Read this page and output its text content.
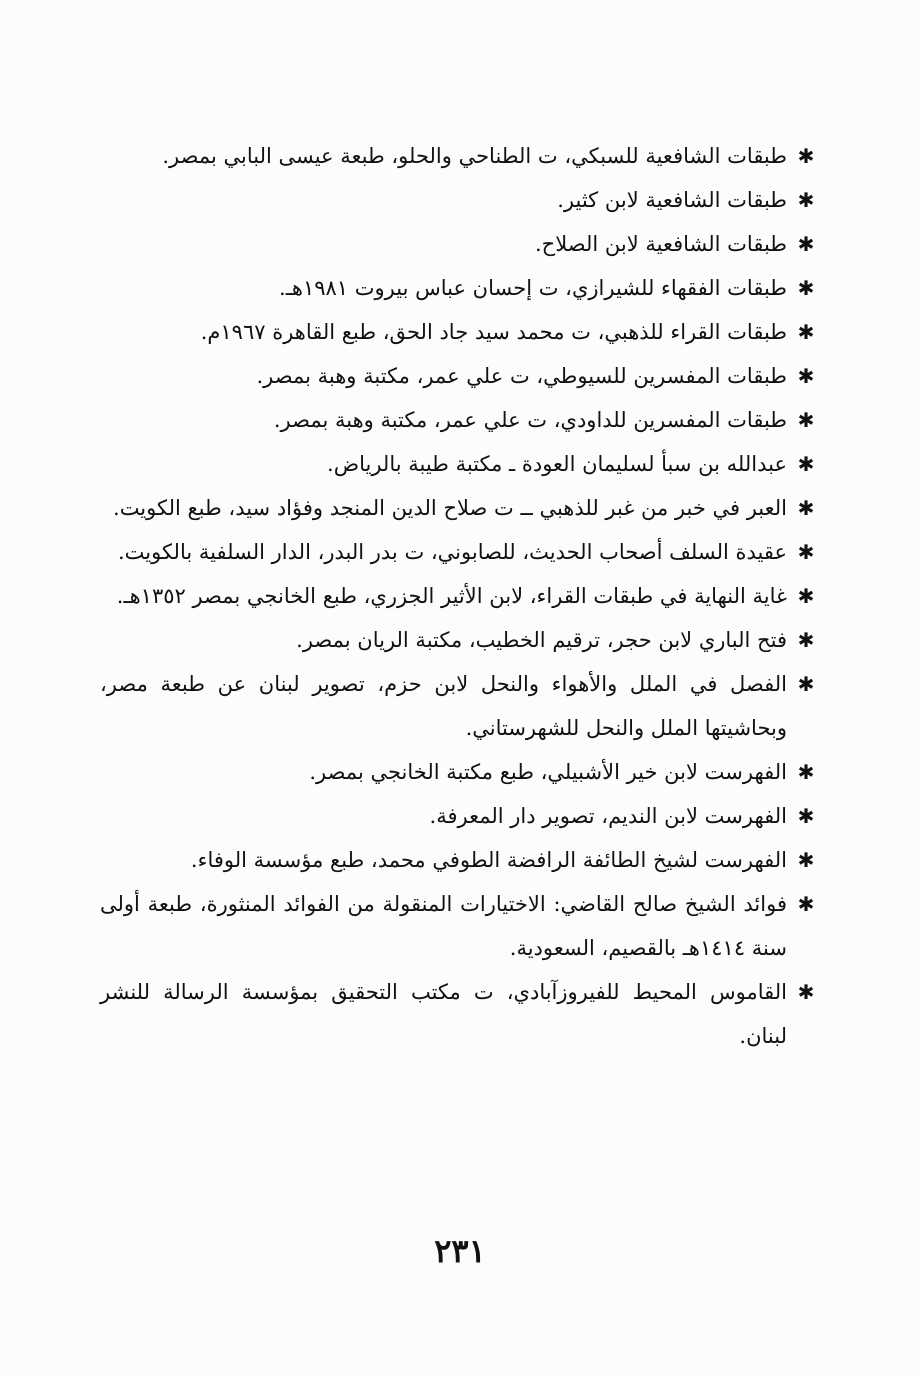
✱
طبقات الشافعية للسبكي، ت الطناحي والحلو، طبعة عيسى البابي بمصر.
✱
طبقات الشافعية لابن كثير.
✱
طبقات الشافعية لابن الصلاح.
✱
طبقات الفقهاء للشيرازي، ت إحسان عباس بيروت ١٩٨١هـ.
✱
طبقات القراء للذهبي، ت محمد سيد جاد الحق، طبع القاهرة ١٩٦٧م.
✱
طبقات المفسرين للسيوطي، ت علي عمر، مكتبة وهبة بمصر.
✱
طبقات المفسرين للداودي، ت علي عمر، مكتبة وهبة بمصر.
✱
عبدالله بن سبأ لسليمان العودة ـ مكتبة طيبة بالرياض.
✱
العبر في خبر من غبر للذهبي ــ ت صلاح الدين المنجد وفؤاد سيد، طبع الكويت.
✱
عقيدة السلف أصحاب الحديث، للصابوني، ت بدر البدر، الدار السلفية بالكويت.
✱
غاية النهاية في طبقات القراء، لابن الأثير الجزري، طبع الخانجي بمصر ١٣٥٢هـ.
✱
فتح الباري لابن حجر، ترقيم الخطيب، مكتبة الريان بمصر.
✱
الفصل في الملل والأهواء والنحل لابن حزم، تصوير لبنان عن طبعة مصر، وبحاشيتها الملل والنحل للشهرستاني.
✱
الفهرست لابن خير الأشبيلي، طبع مكتبة الخانجي بمصر.
✱
الفهرست لابن النديم، تصوير دار المعرفة.
✱
الفهرست لشيخ الطائفة الرافضة الطوفي محمد، طبع مؤسسة الوفاء.
✱
فوائد الشيخ صالح القاضي: الاختيارات المنقولة من الفوائد المنثورة، طبعة أولى سنة ١٤١٤هـ بالقصيم، السعودية.
✱
القاموس المحيط للفيروزآبادي، ت مكتب التحقيق بمؤسسة الرسالة للنشر لبنان.
٢٣١
